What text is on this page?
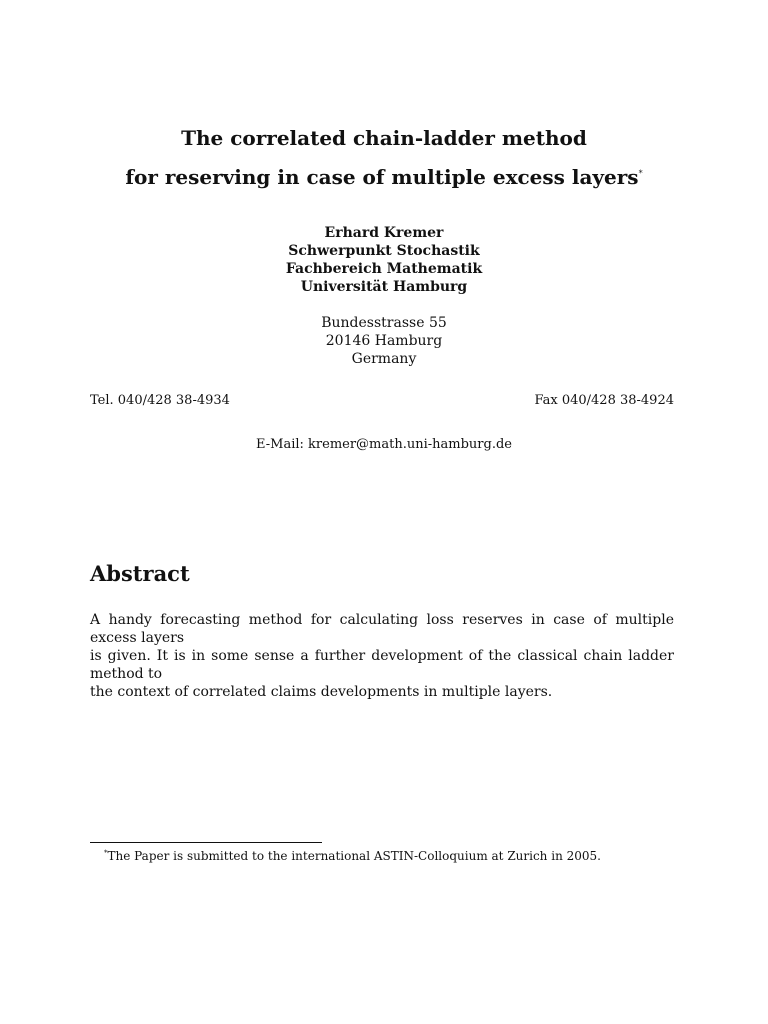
The correlated chain-ladder method
for reserving in case of multiple excess layers*
Erhard Kremer
Schwerpunkt Stochastik
Fachbereich Mathematik
Universität Hamburg
Bundesstrasse 55
20146 Hamburg
Germany
Tel. 040/428 38-4934	Fax 040/428 38-4924
E-Mail: kremer@math.uni-hamburg.de
Abstract
A handy forecasting method for calculating loss reserves in case of multiple excess layers
is given. It is in some sense a further development of the classical chain ladder method to
the context of correlated claims developments in multiple layers.
*The Paper is submitted to the international ASTIN-Colloquium at Zurich in 2005.
